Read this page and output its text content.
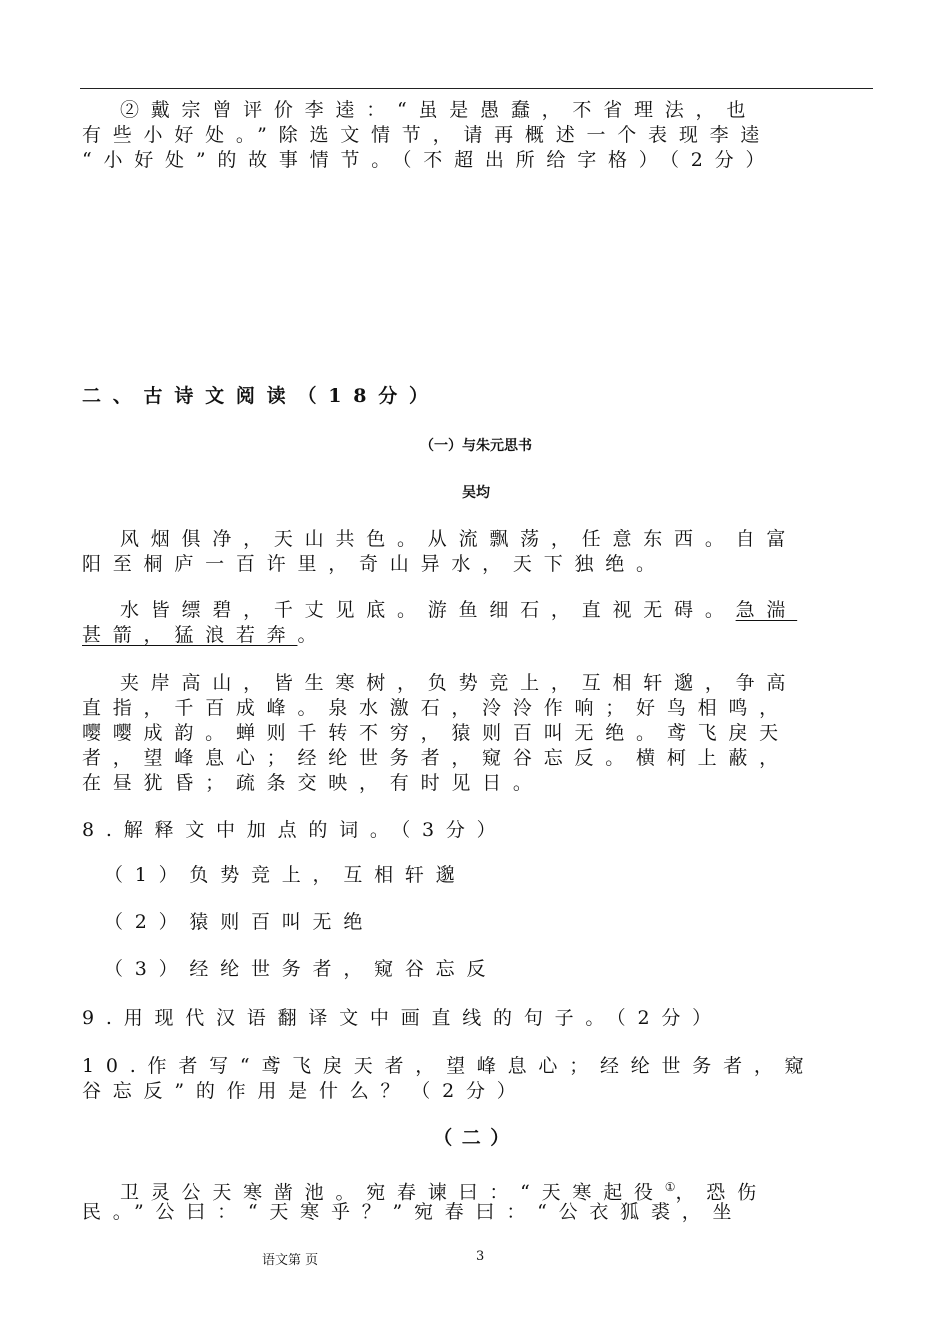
②戴宗曾评价李逵：“虽是愚蠢，不省理法，也
有些小好处。”除选文情节，请再概述一个表现李逵
“小好处”的故事情节。（不超出所给字格）（2分）
二、古诗文阅读（18分）
（一）与朱元思书
吴均
风烟俱净，天山共色。从流飘荡，任意东西。自富
阳至桐庐一百许里，奇山异水，天下独绝。
水皆缥碧，千丈见底。游鱼细石，直视无碍。急湍
甚箭，猛浪若奔。
夹岸高山，皆生寒树，负势竞上，互相轩邈，争高
直指，千百成峰。泉水激石，泠泠作响；好鸟相鸣，
嘤嘤成韵。蝉则千转不穷，猿则百叫无绝。鸢飞戾天
者，望峰息心；经纶世务者，窥谷忘反。横柯上蔽，
在昼犹昏；疏条交映，有时见日。
8.解释文中加点的词。（3分）
（1）负势竞上，互相轩邈
（2）猿则百叫无绝
（3）经纶世务者，窥谷忘反
9.用现代汉语翻译文中画直线的句子。（2分）
10.作者写“鸢飞戾天者，望峰息心；经纶世务者，窥
谷忘反”的作用是什么？（2分）
（二）
卫灵公天寒凿池。宛春谏曰：“天寒起役①，恐伤
民。”公曰：“天寒乎？”宛春曰：“公衣狐裘，坐
语文第 页	3
